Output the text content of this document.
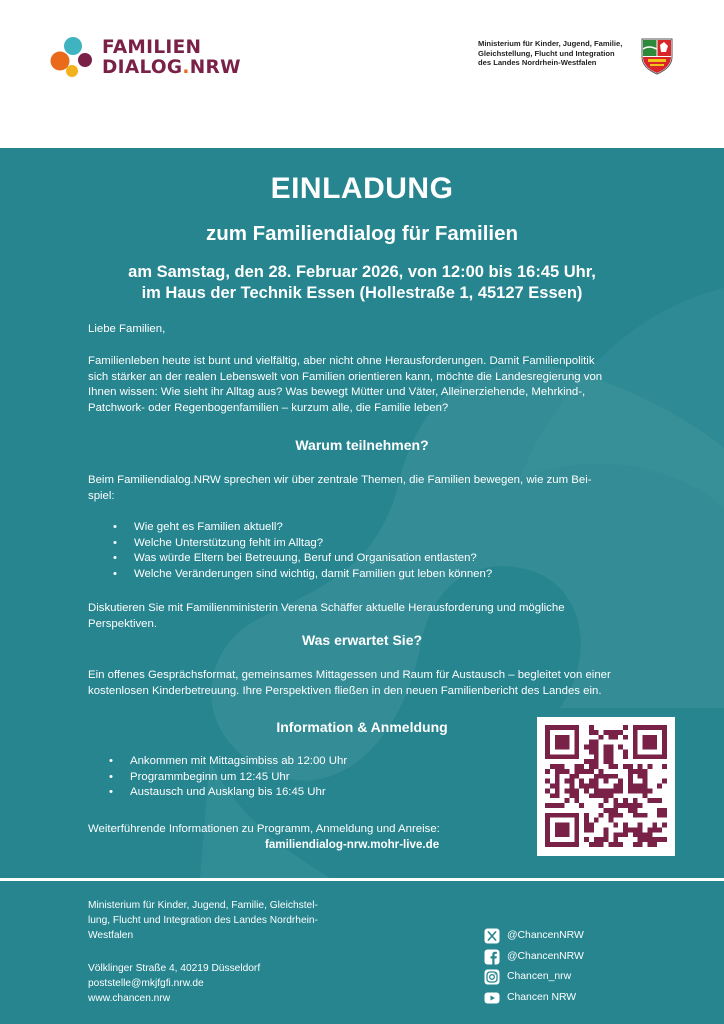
FAMILIEN
DIALOG.NRW
Ministerium für Kinder, Jugend, Familie,
Gleichstellung, Flucht und Integration
des Landes Nordrhein-Westfalen
EINLADUNG
zum Familiendialog für Familien
am Samstag, den 28. Februar 2026, von 12:00 bis 16:45 Uhr,
im Haus der Technik Essen (Hollestraße 1, 45127 Essen)
Liebe Familien,
Familienleben heute ist bunt und vielfältig, aber nicht ohne Herausforderungen. Damit Familienpolitik
sich stärker an der realen Lebenswelt von Familien orientieren kann, möchte die Landesregierung von
Ihnen wissen: Wie sieht ihr Alltag aus? Was bewegt Mütter und Väter, Alleinerziehende, Mehrkind-,
Patchwork- oder Regenbogenfamilien – kurzum alle, die Familie leben?
Warum teilnehmen?
Beim Familiendialog.NRW sprechen wir über zentrale Themen, die Familien bewegen, wie zum Bei-
spiel:
• Wie geht es Familien aktuell?
• Welche Unterstützung fehlt im Alltag?
• Was würde Eltern bei Betreuung, Beruf und Organisation entlasten?
• Welche Veränderungen sind wichtig, damit Familien gut leben können?
Diskutieren Sie mit Familienministerin Verena Schäffer aktuelle Herausforderung und mögliche
Perspektiven.
Was erwartet Sie?
Ein offenes Gesprächsformat, gemeinsames Mittagessen und Raum für Austausch – begleitet von einer
kostenlosen Kinderbetreuung. Ihre Perspektiven fließen in den neuen Familienbericht des Landes ein.
Information & Anmeldung
• Ankommen mit Mittagsimbiss ab 12:00 Uhr
• Programmbeginn um 12:45 Uhr
• Austausch und Ausklang bis 16:45 Uhr
Weiterführende Informationen zu Programm, Anmeldung und Anreise:
familiendialog-nrw.mohr-live.de
Ministerium für Kinder, Jugend, Familie, Gleichstel-
lung, Flucht und Integration des Landes Nordrhein-
Westfalen
Völklinger Straße 4, 40219 Düsseldorf
poststelle@mkjfgfi.nrw.de
www.chancen.nrw
@ChancenNRW
@ChancenNRW
Chancen_nrw
Chancen NRW
